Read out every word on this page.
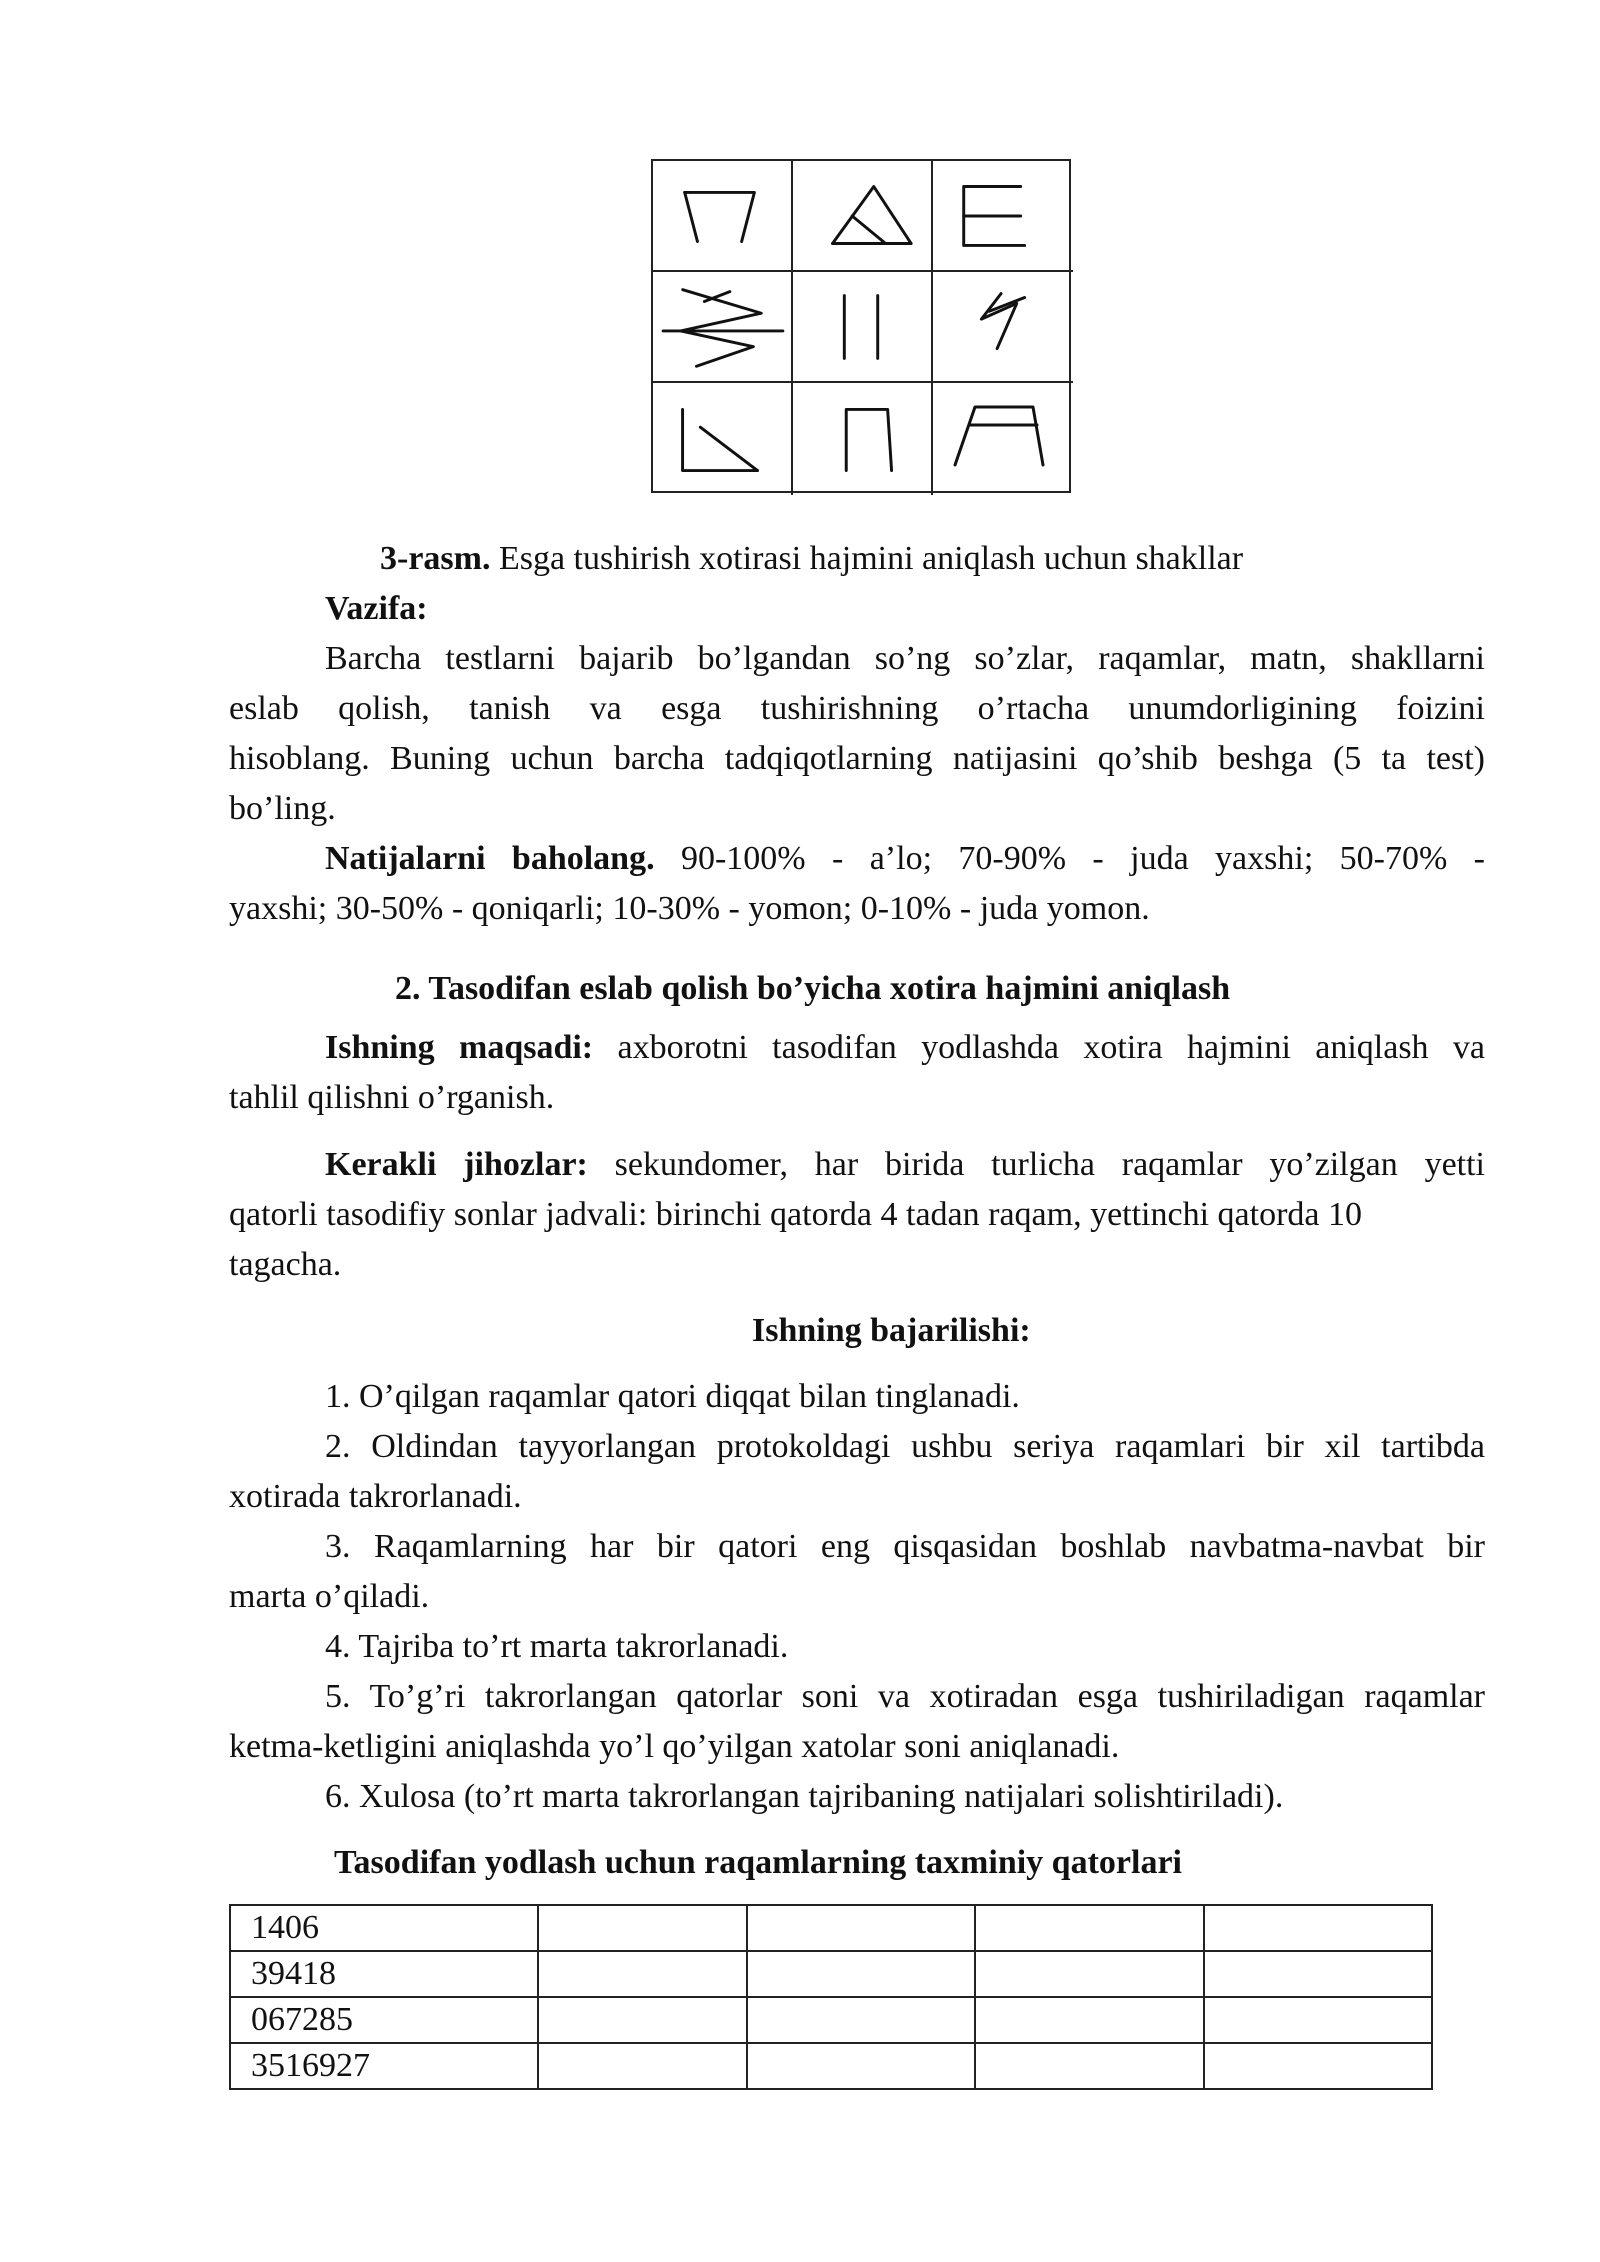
3-rasm. Esga tushirish xotirasi hajmini aniqlash uchun shakllar
Vazifa:
Barcha testlarni bajarib bo’lgandan so’ng so’zlar, raqamlar, matn, shakllarni
eslab qolish, tanish va esga tushirishning o’rtacha unumdorligining foizini
hisoblang. Buning uchun barcha tadqiqotlarning natijasini qo’shib beshga (5 ta test)
bo’ling.
Natijalarni baholang. 90-100% - a’lo; 70-90% - juda yaxshi; 50-70% -
yaxshi; 30-50% - qoniqarli; 10-30% - yomon; 0-10% - juda yomon.
2. Tasodifan eslab qolish bo’yicha xotira hajmini aniqlash
Ishning maqsadi: axborotni tasodifan yodlashda xotira hajmini aniqlash va
tahlil qilishni o’rganish.
Kerakli jihozlar: sekundomer, har birida turlicha raqamlar yo’zilgan yetti
qatorli tasodifiy sonlar jadvali: birinchi qatorda 4 tadan raqam, yettinchi qatorda 10
tagacha.
Ishning bajarilishi:
1. O’qilgan raqamlar qatori diqqat bilan tinglanadi.
2. Oldindan tayyorlangan protokoldagi ushbu seriya raqamlari bir xil tartibda
xotirada takrorlanadi.
3. Raqamlarning har bir qatori eng qisqasidan boshlab navbatma-navbat bir
marta o’qiladi.
4. Tajriba to’rt marta takrorlanadi.
5. To’g’ri takrorlangan qatorlar soni va xotiradan esga tushiriladigan raqamlar
ketma-ketligini aniqlashda yo’l qo’yilgan xatolar soni aniqlanadi.
6. Xulosa (to’rt marta takrorlangan tajribaning natijalari solishtiriladi).
Tasodifan yodlash uchun raqamlarning taxminiy qatorlari
1406				
39418				
067285				
3516927				
